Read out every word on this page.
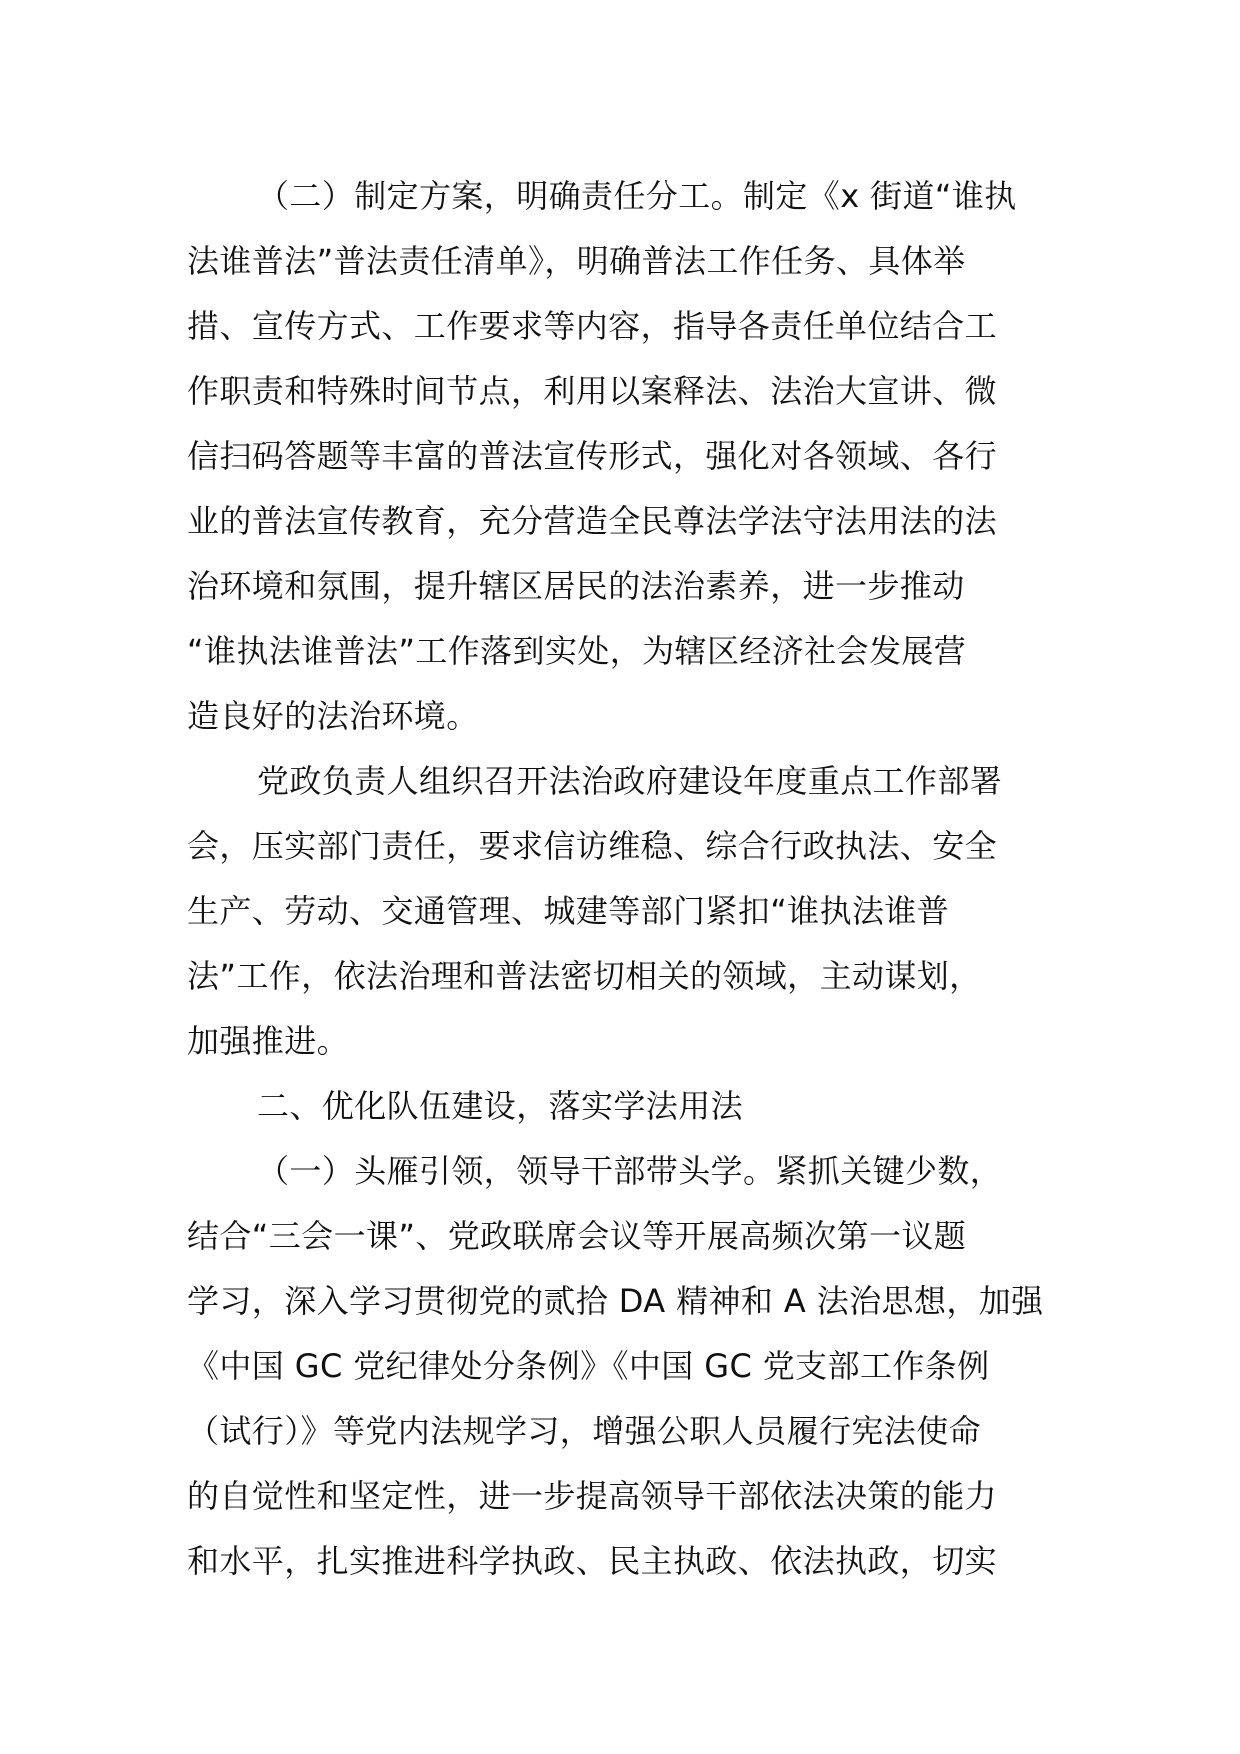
（二）制定方案，明确责任分工。制定《x 街道“谁执
法谁普法”普法责任清单》，明确普法工作任务、具体举
措、宣传方式、工作要求等内容，指导各责任单位结合工
作职责和特殊时间节点，利用以案释法、法治大宣讲、微
信扫码答题等丰富的普法宣传形式，强化对各领域、各行
业的普法宣传教育，充分营造全民尊法学法守法用法的法
治环境和氛围，提升辖区居民的法治素养，进一步推动
“谁执法谁普法”工作落到实处，为辖区经济社会发展营
造良好的法治环境。
党政负责人组织召开法治政府建设年度重点工作部署
会，压实部门责任，要求信访维稳、综合行政执法、安全
生产、劳动、交通管理、城建等部门紧扣“谁执法谁普
法”工作，依法治理和普法密切相关的领域，主动谋划，
加强推进。
二、优化队伍建设，落实学法用法
（一）头雁引领，领导干部带头学。紧抓关键少数，
结合“三会一课”、党政联席会议等开展高频次第一议题
学习，深入学习贯彻党的贰拾 DA 精神和 A 法治思想，加强
《中国 GC 党纪律处分条例》《中国 GC 党支部工作条例
（试行）》等党内法规学习，增强公职人员履行宪法使命
的自觉性和坚定性，进一步提高领导干部依法决策的能力
和水平，扎实推进科学执政、民主执政、依法执政，切实
